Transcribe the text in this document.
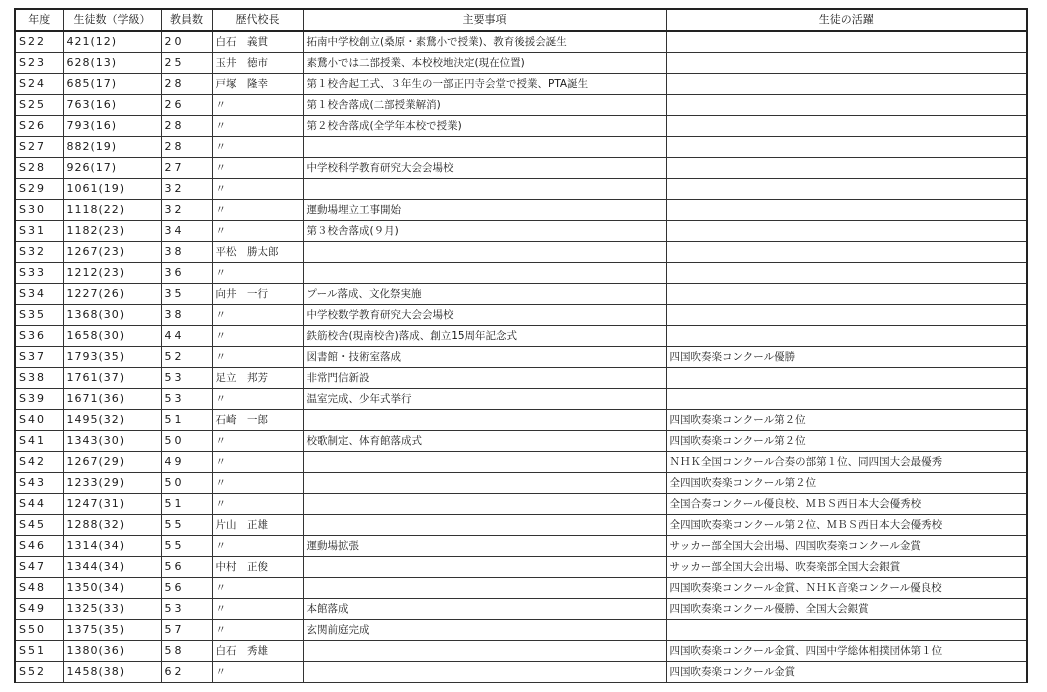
年度	生徒数（学級）	教員数	歴代校長	主要事項	生徒の活躍
S22	421(12)	20	白石　義貫	拓南中学校創立(桑原・素鵞小で授業)、教育後援会誕生	
S23	628(13)	25	玉井　徳市	素鵞小では二部授業、本校校地決定(現在位置)	
S24	685(17)	28	戸塚　隆幸	第１校舎起工式、３年生の一部正円寺会堂で授業、PTA誕生	
S25	763(16)	26	〃	第１校舎落成(二部授業解消)	
S26	793(16)	28	〃	第２校舎落成(全学年本校で授業)	
S27	882(19)	28	〃		
S28	926(17)	27	〃	中学校科学教育研究大会会場校	
S29	1061(19)	32	〃		
S30	1118(22)	32	〃	運動場埋立工事開始	
S31	1182(23)	34	〃	第３校舎落成(９月)	
S32	1267(23)	38	平松　勝太郎		
S33	1212(23)	36	〃		
S34	1227(26)	35	向井　一行	プール落成、文化祭実施	
S35	1368(30)	38	〃	中学校数学教育研究大会会場校	
S36	1658(30)	44	〃	鉄筋校舎(現南校舎)落成、創立15周年記念式	
S37	1793(35)	52	〃	図書館・技術室落成	四国吹奏楽コンクール優勝
S38	1761(37)	53	足立　邦芳	非常門信新設	
S39	1671(36)	53	〃	温室完成、少年式挙行	
S40	1495(32)	51	石崎　一郎		四国吹奏楽コンクール第２位
S41	1343(30)	50	〃	校歌制定、体育館落成式	四国吹奏楽コンクール第２位
S42	1267(29)	49	〃		ＮＨＫ全国コンクール合奏の部第１位、同四国大会最優秀
S43	1233(29)	50	〃		全四国吹奏楽コンクール第２位
S44	1247(31)	51	〃		全国合奏コンクール優良校、ＭＢＳ西日本大会優秀校
S45	1288(32)	55	片山　正雄		全四国吹奏楽コンクール第２位、ＭＢＳ西日本大会優秀校
S46	1314(34)	55	〃	運動場拡張	サッカー部全国大会出場、四国吹奏楽コンクール金賞
S47	1344(34)	56	中村　正俊		サッカー部全国大会出場、吹奏楽部全国大会銀賞
S48	1350(34)	56	〃		四国吹奏楽コンクール金賞、ＮＨＫ音楽コンクール優良校
S49	1325(33)	53	〃	本館落成	四国吹奏楽コンクール優勝、全国大会銀賞
S50	1375(35)	57	〃	玄関前庭完成	
S51	1380(36)	58	白石　秀雄		四国吹奏楽コンクール金賞、四国中学総体相撲団体第１位
S52	1458(38)	62	〃		四国吹奏楽コンクール金賞
